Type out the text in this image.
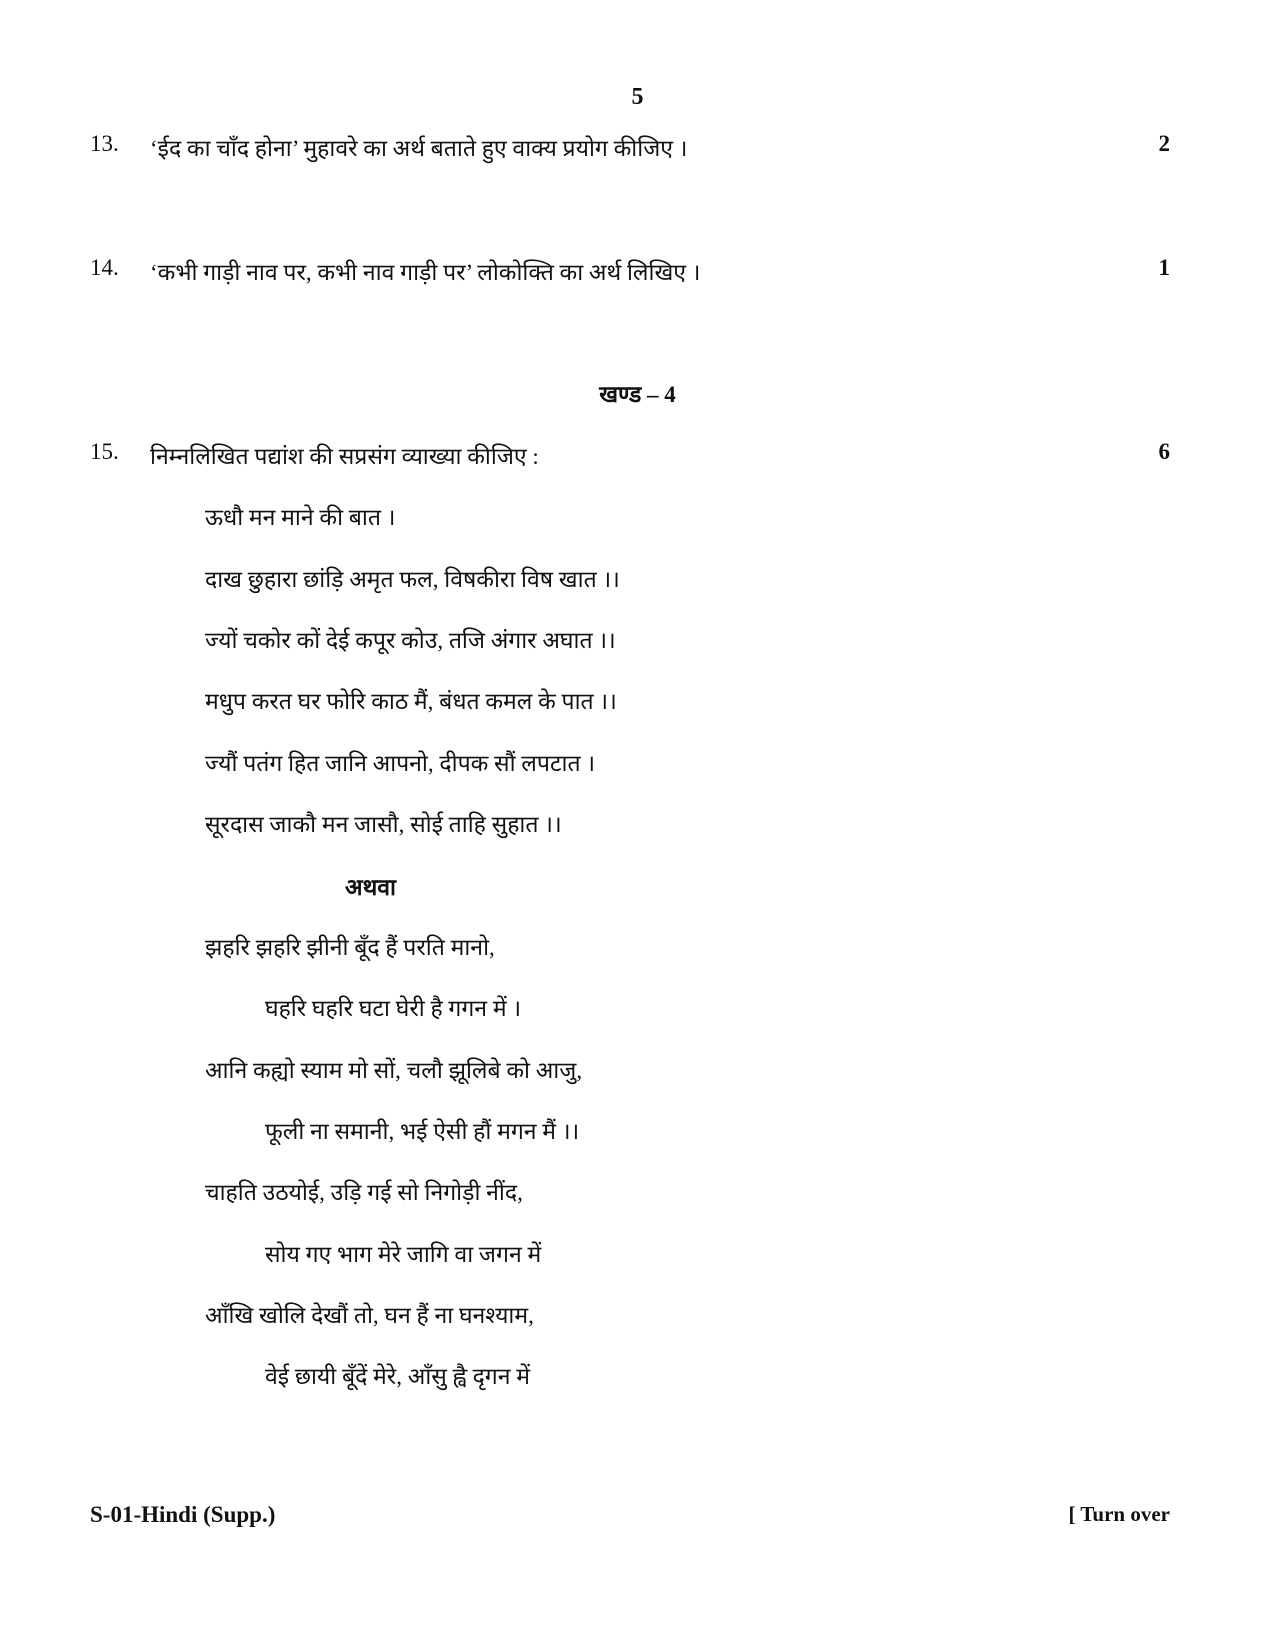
5
13. ‘ईद का चाँद होना’ मुहावरे का अर्थ बताते हुए वाक्य प्रयोग कीजिए ।	2
14. ‘कभी गाड़ी नाव पर, कभी नाव गाड़ी पर’ लोकोक्ति का अर्थ लिखिए ।	1
खण्ड – 4
15. निम्नलिखित पद्यांश की सप्रसंग व्याख्या कीजिए :	6
ऊधौ मन माने की बात ।
दाख छुहारा छांड़ि अमृत फल, विषकीरा विष खात ।।
ज्यों चकोर कों देई कपूर कोउ, तजि अंगार अघात ।।
मधुप करत घर फोरि काठ मैं, बंधत कमल के पात ।।
ज्यौं पतंग हित जानि आपनो, दीपक सौं लपटात ।
सूरदास जाकौ मन जासौ, सोई ताहि सुहात ।।
अथवा
झहरि झहरि झीनी बूँद हैं परति मानो,
घहरि घहरि घटा घेरी है गगन में ।
आनि कह्यो स्याम मो सों, चलौ झूलिबे को आजु,
फूली ना समानी, भई ऐसी हौं मगन मैं ।।
चाहति उठयोई, उड़ि गई सो निगोड़ी नींद,
सोय गए भाग मेरे जागि वा जगन में
आँखि खोलि देखौं तो, घन हैं ना घनश्याम,
वेई छायी बूँदें मेरे, आँसु ह्वै दृगन में
S-01-Hindi (Supp.)	[ Turn over
